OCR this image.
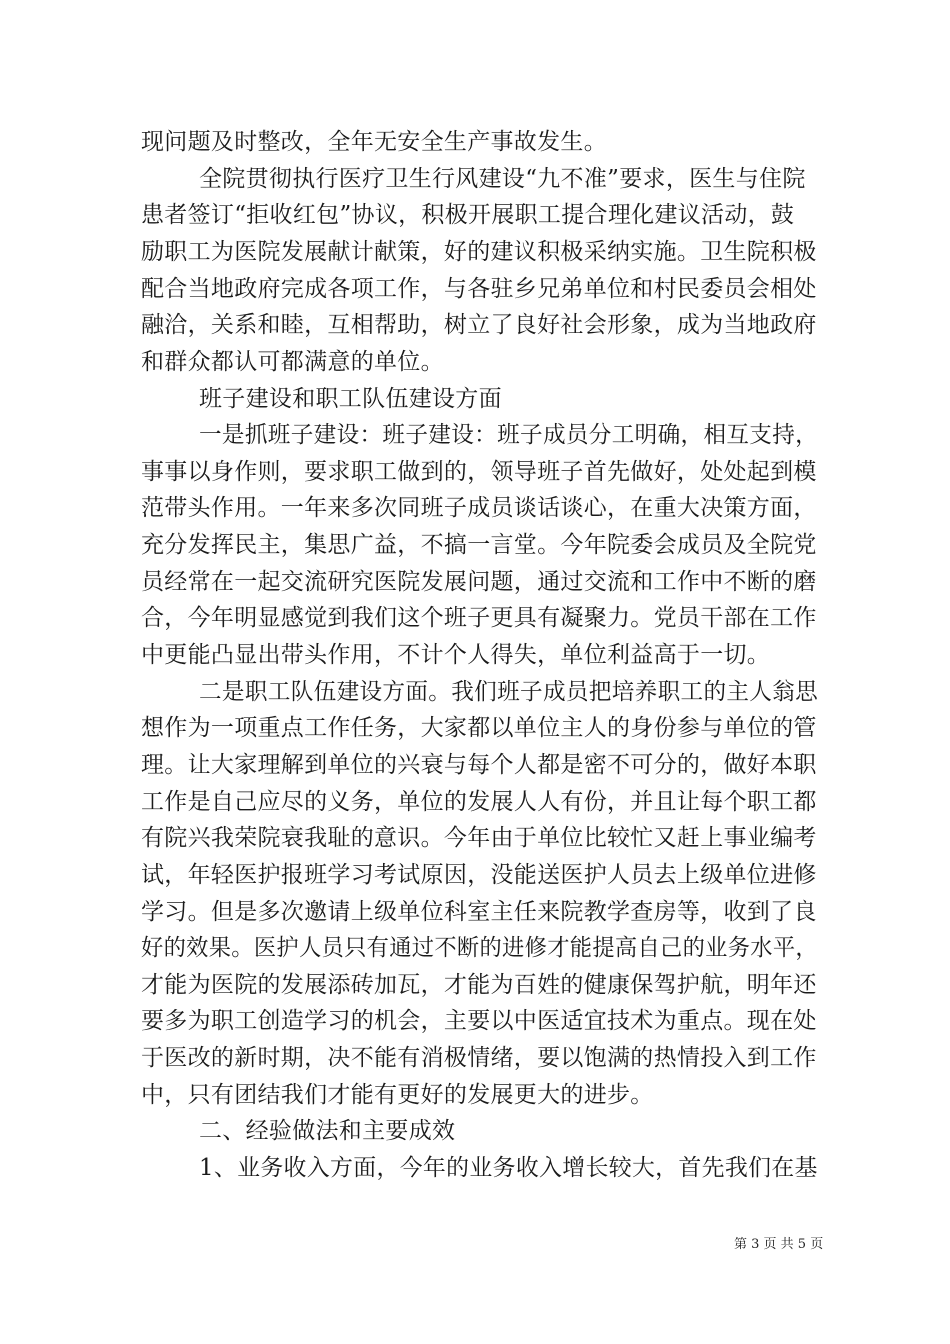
现问题及时整改，全年无安全生产事故发生。
全院贯彻执行医疗卫生行风建设“九不准”要求，医生与住院
患者签订“拒收红包”协议，积极开展职工提合理化建议活动，鼓
励职工为医院发展献计献策，好的建议积极采纳实施。卫生院积极
配合当地政府完成各项工作，与各驻乡兄弟单位和村民委员会相处
融洽，关系和睦，互相帮助，树立了良好社会形象，成为当地政府
和群众都认可都满意的单位。
班子建设和职工队伍建设方面
一是抓班子建设：班子建设：班子成员分工明确，相互支持，
事事以身作则，要求职工做到的，领导班子首先做好，处处起到模
范带头作用。一年来多次同班子成员谈话谈心，在重大决策方面，
充分发挥民主，集思广益，不搞一言堂。今年院委会成员及全院党
员经常在一起交流研究医院发展问题，通过交流和工作中不断的磨
合，今年明显感觉到我们这个班子更具有凝聚力。党员干部在工作
中更能凸显出带头作用，不计个人得失，单位利益高于一切。
二是职工队伍建设方面。我们班子成员把培养职工的主人翁思
想作为一项重点工作任务，大家都以单位主人的身份参与单位的管
理。让大家理解到单位的兴衰与每个人都是密不可分的，做好本职
工作是自己应尽的义务，单位的发展人人有份，并且让每个职工都
有院兴我荣院衰我耻的意识。今年由于单位比较忙又赶上事业编考
试，年轻医护报班学习考试原因，没能送医护人员去上级单位进修
学习。但是多次邀请上级单位科室主任来院教学查房等，收到了良
好的效果。医护人员只有通过不断的进修才能提高自己的业务水平，
才能为医院的发展添砖加瓦，才能为百姓的健康保驾护航，明年还
要多为职工创造学习的机会，主要以中医适宜技术为重点。现在处
于医改的新时期，决不能有消极情绪，要以饱满的热情投入到工作
中，只有团结我们才能有更好的发展更大的进步。
二、经验做法和主要成效
1、业务收入方面，今年的业务收入增长较大，首先我们在基
第 3 页 共 5 页
